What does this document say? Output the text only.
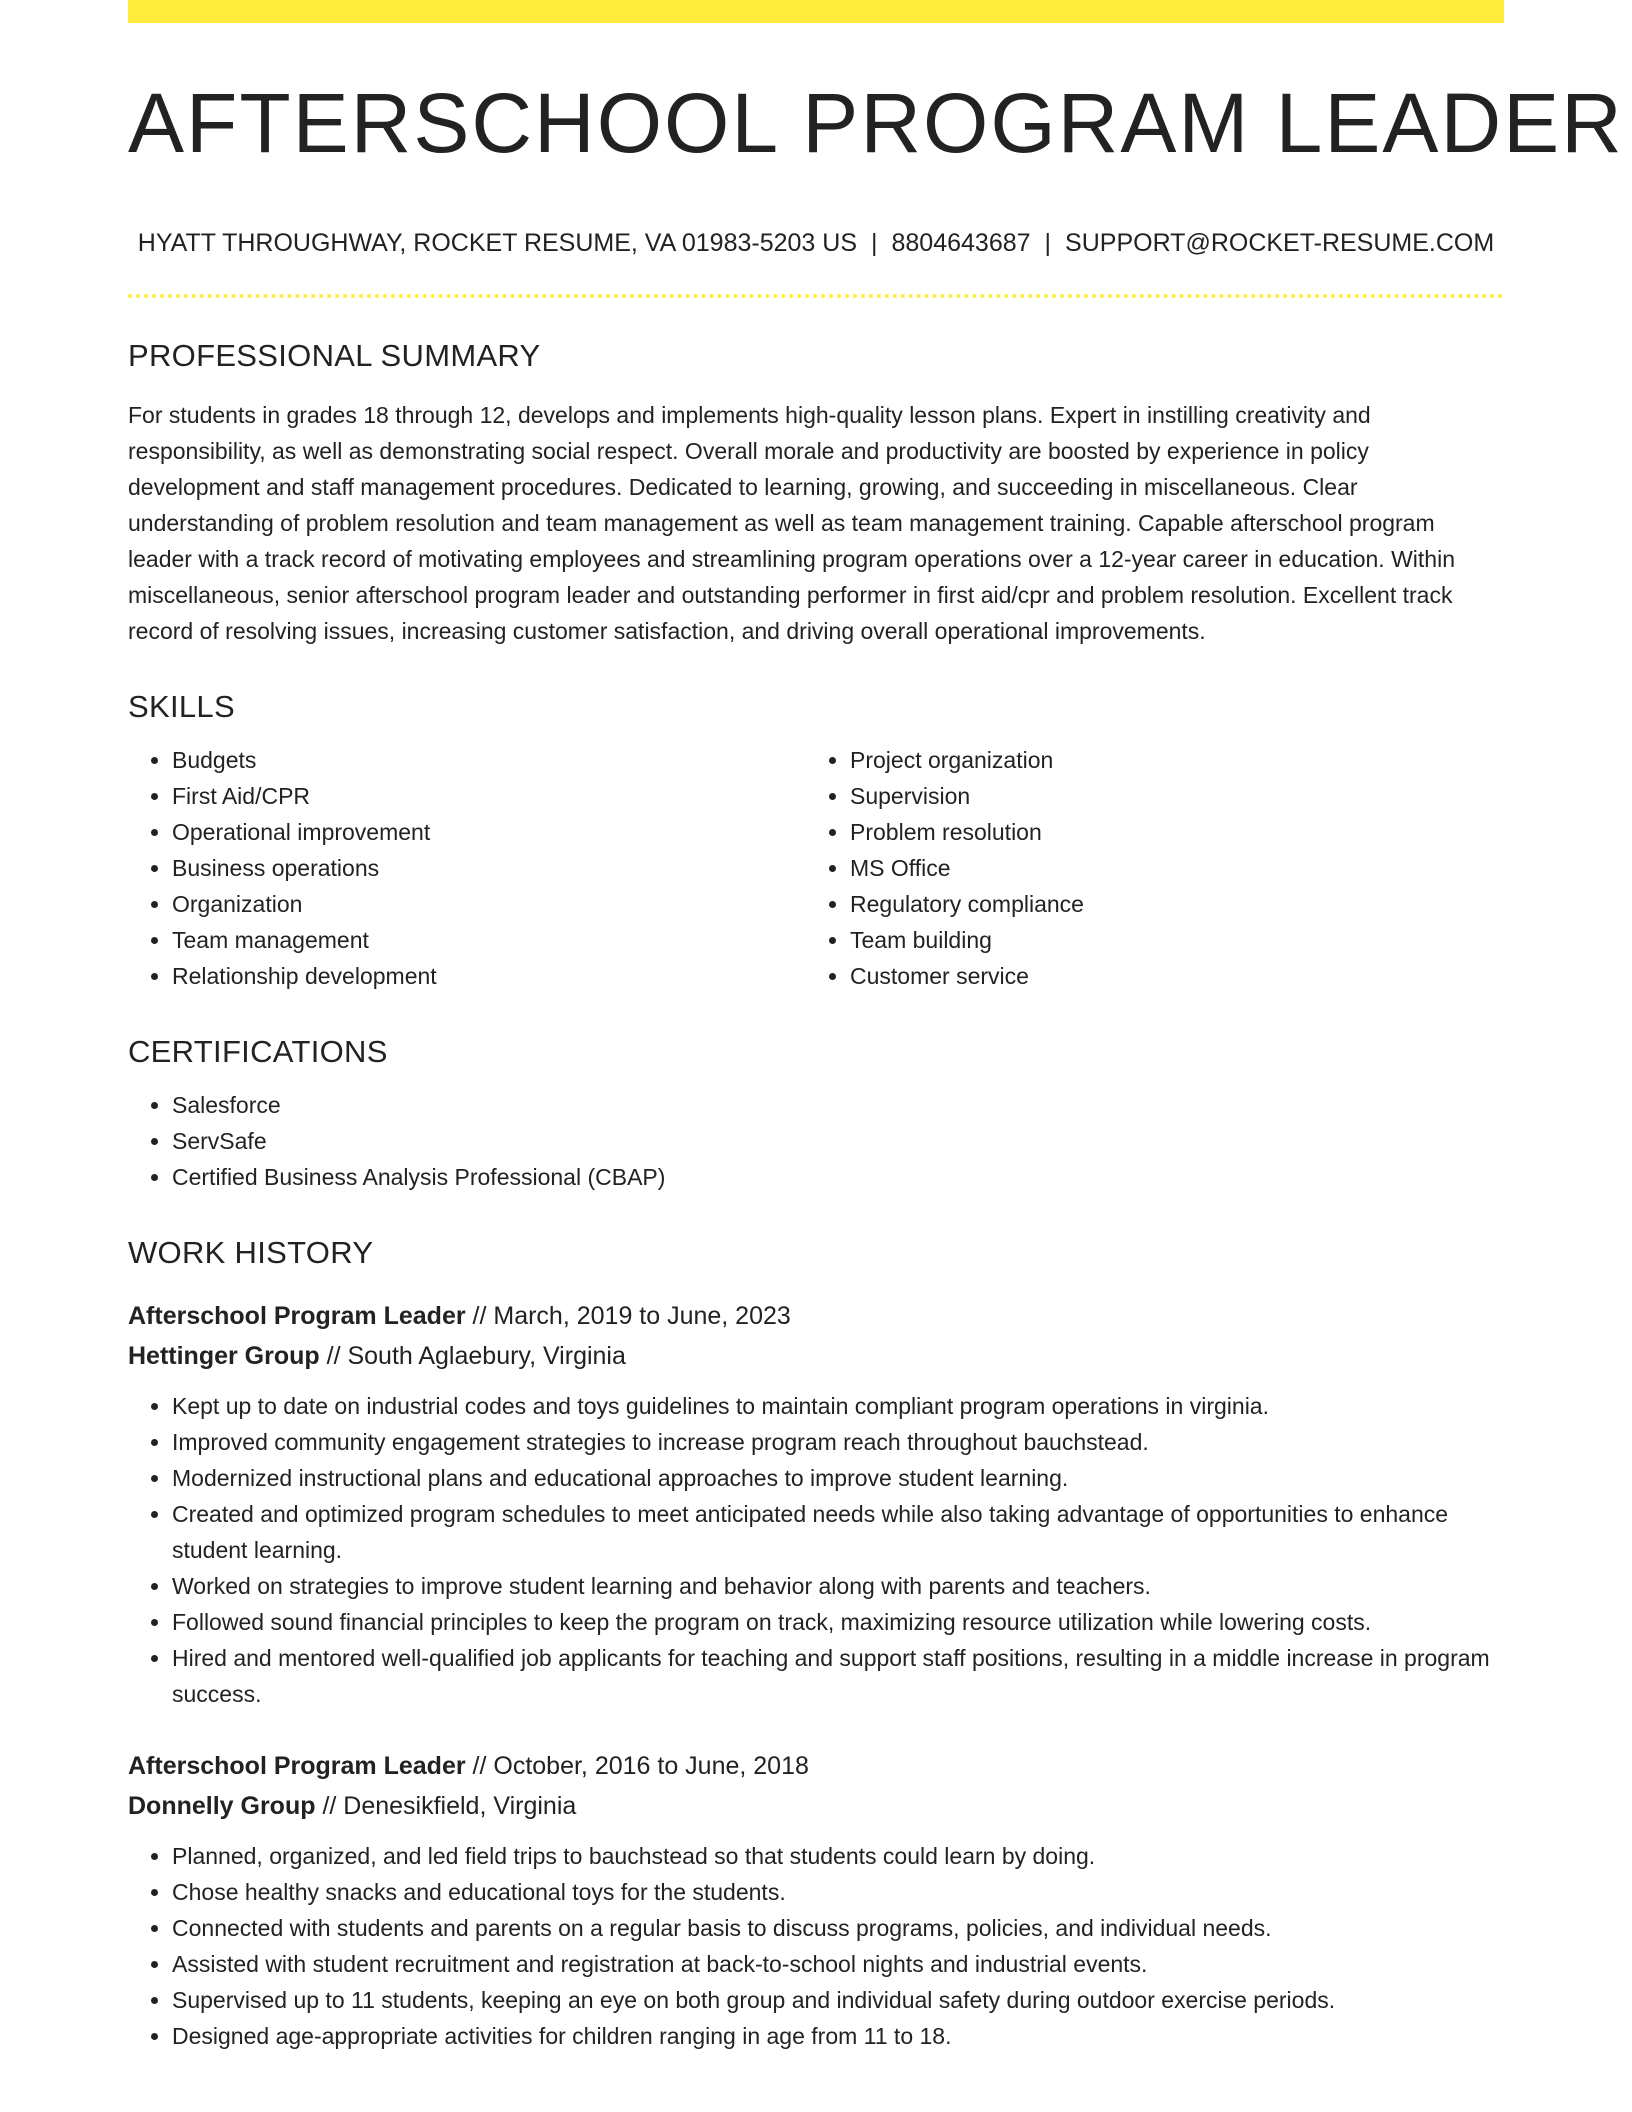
AFTERSCHOOL PROGRAM LEADER
HYATT THROUGHWAY, ROCKET RESUME, VA 01983-5203 US | 8804643687 | SUPPORT@ROCKET-RESUME.COM
PROFESSIONAL SUMMARY

For students in grades 18 through 12, develops and implements high-quality lesson plans. Expert in instilling creativity and responsibility, as well as demonstrating social respect. Overall morale and productivity are boosted by experience in policy development and staff management procedures. Dedicated to learning, growing, and succeeding in miscellaneous. Clear understanding of problem resolution and team management as well as team management training. Capable afterschool program leader with a track record of motivating employees and streamlining program operations over a 12-year career in education. Within miscellaneous, senior afterschool program leader and outstanding performer in first aid/cpr and problem resolution. Excellent track record of resolving issues, increasing customer satisfaction, and driving overall operational improvements.

SKILLS
• Budgets
• First Aid/CPR
• Operational improvement
• Business operations
• Organization
• Team management
• Relationship development
• Project organization
• Supervision
• Problem resolution
• MS Office
• Regulatory compliance
• Team building
• Customer service
CERTIFICATIONS
• Salesforce
• ServSafe
• Certified Business Analysis Professional (CBAP)
WORK HISTORY
Afterschool Program Leader // March, 2019 to June, 2023
Hettinger Group // South Aglaebury, Virginia
• Kept up to date on industrial codes and toys guidelines to maintain compliant program operations in virginia.
• Improved community engagement strategies to increase program reach throughout bauchstead.
• Modernized instructional plans and educational approaches to improve student learning.
• Created and optimized program schedules to meet anticipated needs while also taking advantage of opportunities to enhance student learning.
• Worked on strategies to improve student learning and behavior along with parents and teachers.
• Followed sound financial principles to keep the program on track, maximizing resource utilization while lowering costs.
• Hired and mentored well-qualified job applicants for teaching and support staff positions, resulting in a middle increase in program success.
Afterschool Program Leader // October, 2016 to June, 2018
Donnelly Group // Denesikfield, Virginia
• Planned, organized, and led field trips to bauchstead so that students could learn by doing.
• Chose healthy snacks and educational toys for the students.
• Connected with students and parents on a regular basis to discuss programs, policies, and individual needs.
• Assisted with student recruitment and registration at back-to-school nights and industrial events.
• Supervised up to 11 students, keeping an eye on both group and individual safety during outdoor exercise periods.
• Designed age-appropriate activities for children ranging in age from 11 to 18.
